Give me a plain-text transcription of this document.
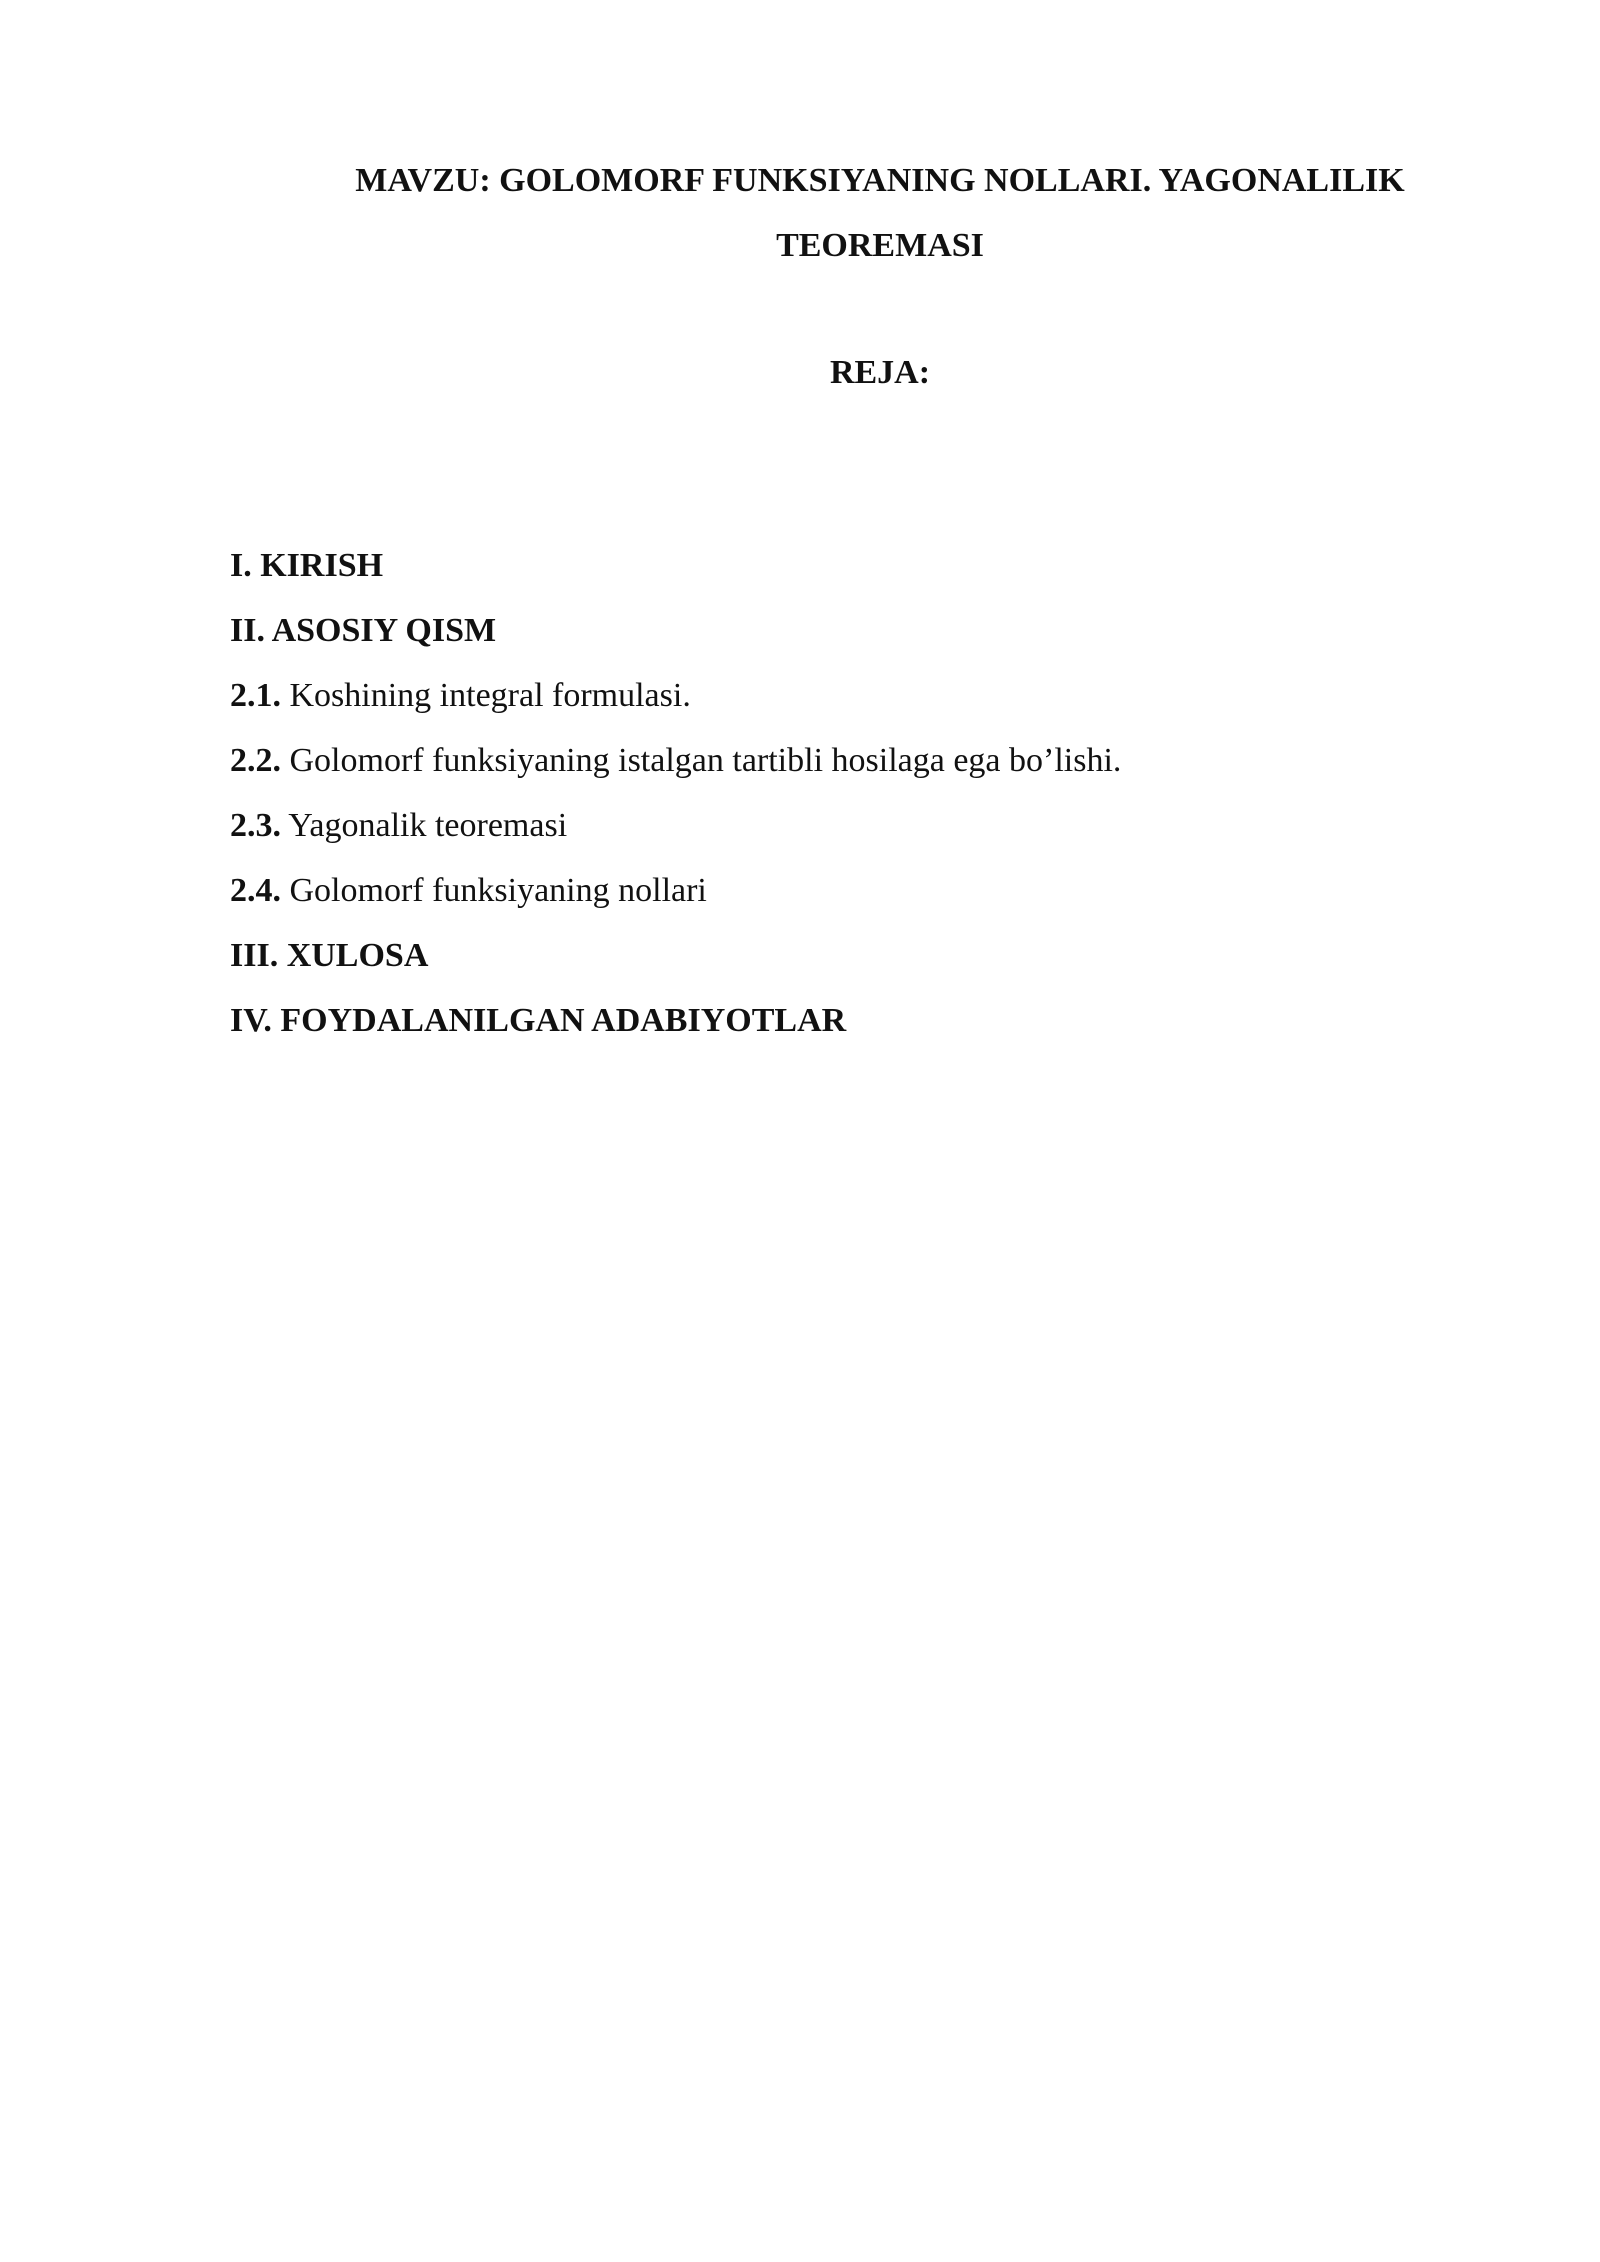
MAVZU: GOLOMORF FUNKSIYANING NOLLARI. YAGONALILIK
TEOREMASI
REJA:
I. KIRISH
II. ASOSIY QISM
2.1. Koshining integral formulasi.
2.2. Golomorf funksiyaning istalgan tartibli hosilaga ega bo’lishi.
2.3. Yagonalik teoremasi
2.4. Golomorf funksiyaning nollari
III. XULOSA
IV. FOYDALANILGAN ADABIYOTLAR
